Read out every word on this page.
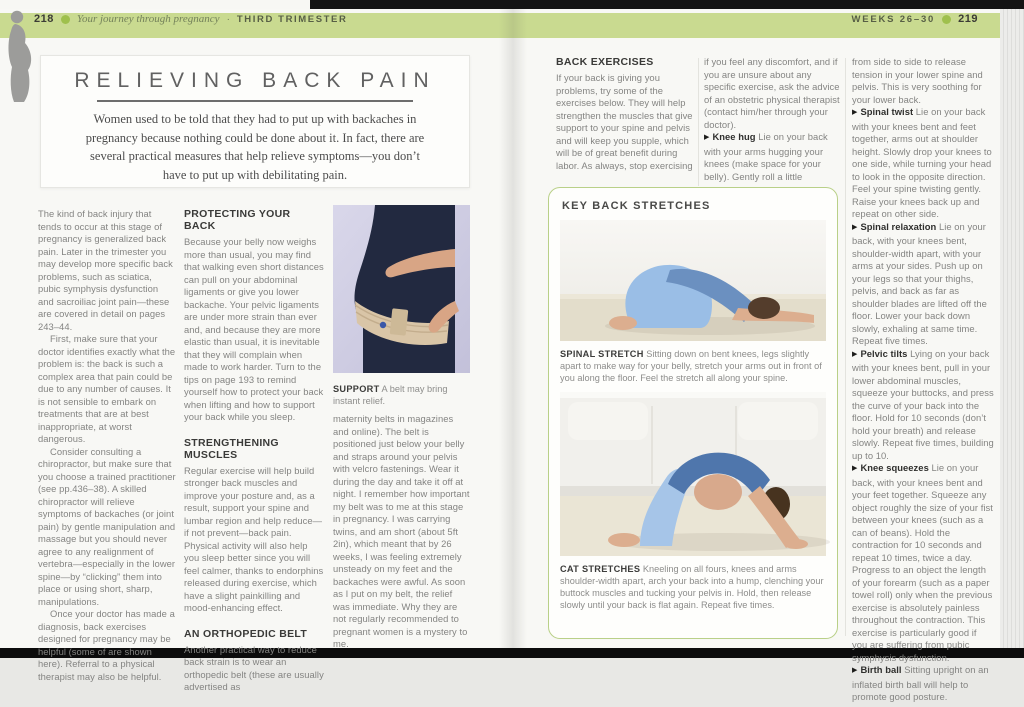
218 Your journey through pregnancy · THIRD TRIMESTER	WEEKS 26–30 219
RELIEVING BACK PAIN
Women used to be told that they had to put up with backaches in pregnancy because nothing could be done about it. In fact, there are several practical measures that help relieve symptoms—you don’t have to put up with debilitating pain.

The kind of back injury that tends to occur at this stage of pregnancy is generalized back pain. Later in the trimester you may develop more specific back problems, such as sciatica, pubic symphysis dysfunction and sacroiliac joint pain—these are covered in detail on pages 243–44.

First, make sure that your doctor identifies exactly what the problem is: the back is such a complex area that pain could be due to any number of causes. It is not sensible to embark on treatments that are at best inappropriate, at worst dangerous.

Consider consulting a chiropractor, but make sure that you choose a trained practitioner (see pp.436–38). A skilled chiropractor will relieve symptoms of backaches (or joint pain) by gentle manipulation and massage but you should never agree to any realignment of vertebra—especially in the lower spine—by “clicking” them into place or using short, sharp, manipulations.

Once your doctor has made a diagnosis, back exercises designed for pregnancy may be helpful (some of are shown here). Referral to a physical therapist may also be helpful.

PROTECTING YOUR BACK
Because your belly now weighs more than usual, you may find that walking even short distances can pull on your abdominal ligaments or give you lower backache. Your pelvic ligaments are under more strain than ever and, and because they are more elastic than usual, it is inevitable that they will complain when made to work harder. Turn to the tips on page 193 to remind yourself how to protect your back when lifting and how to support your back while you sleep.
STRENGTHENING MUSCLES
Regular exercise will help build stronger back muscles and improve your posture and, as a result, support your spine and lumbar region and help reduce—if not prevent—back pain. Physical activity will also help you sleep better since you will feel calmer, thanks to endorphins released during exercise, which have a slight painkilling and mood-enhancing effect.
AN ORTHOPEDIC BELT
Another practical way to reduce back strain is to wear an orthopedic belt (these are usually advertised as
SUPPORT A belt may bring instant relief.

maternity belts in magazines and online). The belt is positioned just below your belly and straps around your pelvis with velcro fastenings. Wear it during the day and take it off at night. I remember how important my belt was to me at this stage in pregnancy. I was carrying twins, and am short (about 5ft 2in), which meant that by 26 weeks, I was feeling extremely unsteady on my feet and the backaches were awful. As soon as I put on my belt, the relief was immediate. Why they are not regularly recommended to pregnant women is a mystery to me.

BACK EXERCISES
If your back is giving you problems, try some of the exercises below. They will help strengthen the muscles that give support to your spine and pelvis and will keep you supple, which will be of great benefit during labor. As always, stop exercising

if you feel any discomfort, and if you are unsure about any specific exercise, ask the advice of an obstetric physical therapist (contact him/her through your doctor).

▶ Knee hug Lie on your back with your arms hugging your knees (make space for your belly). Gently roll a little

from side to side to release tension in your lower spine and pelvis. This is very soothing for your lower back.

▶ Spinal twist Lie on your back with your knees bent and feet together, arms out at shoulder height. Slowly drop your knees to one side, while turning your head to look in the opposite direction. Feel your spine twisting gently. Raise your knees back up and repeat on other side.

▶ Spinal relaxation Lie on your back, with your knees bent, shoulder-width apart, with your arms at your sides. Push up on your legs so that your thighs, pelvis, and back as far as shoulder blades are lifted off the floor. Lower your back down slowly, exhaling at same time. Repeat five times.

▶ Pelvic tilts Lying on your back with your knees bent, pull in your lower abdominal muscles, squeeze your buttocks, and press the curve of your back into the floor. Hold for 10 seconds (don’t hold your breath) and release slowly. Repeat five times, building up to 10.

▶ Knee squeezes Lie on your back, with your knees bent and your feet together. Squeeze any object roughly the size of your fist between your knees (such as a can of beans). Hold the contraction for 10 seconds and repeat 10 times, twice a day. Progress to an object the length of your forearm (such as a paper towel roll) only when the previous exercise is absolutely painless throughout the contraction. This exercise is particularly good if you are suffering from pubic symphysis dysfunction.

▶ Birth ball Sitting upright on an inflated birth ball will help to promote good posture.

KEY BACK STRETCHES
SPINAL STRETCH Sitting down on bent knees, legs slightly apart to make way for your belly, stretch your arms out in front of you along the floor. Feel the stretch all along your spine.
CAT STRETCHES Kneeling on all fours, knees and arms shoulder-width apart, arch your back into a hump, clenching your buttock muscles and tucking your pelvis in. Hold, then release slowly until your back is flat again. Repeat five times.
